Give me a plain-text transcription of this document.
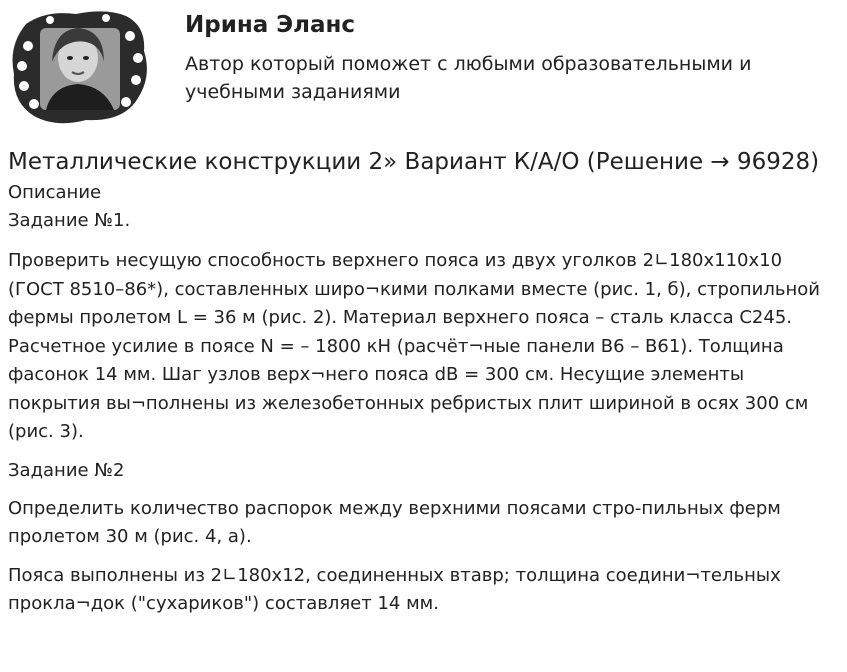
Ирина Эланс
Автор который поможет с любыми образовательными и учебными заданиями
Металлические конструкции 2» Вариант К/А/О (Решение → 96928)

Описание

Задание №1.

Проверить несущую способность верхнего пояса из двух уголков 2∟180х110х10 (ГОСТ 8510–86*), составленных широ¬кими полками вместе (рис. 1, б), стропильной фермы пролетом L = 36 м (рис. 2). Материал верхнего пояса – сталь класса С245. Расчетное усилие в поясе N = – 1800 кН (расчёт¬ные панели В6 – В61). Толщина фасонок 14 мм. Шаг узлов верх¬него пояса dВ = 300 см. Несущие элементы покрытия вы¬полнены из железобетонных ребристых плит шириной в осях 300 см (рис. 3).

Задание №2

Определить количество распорок между верхними поясами стро-пильных ферм пролетом 30 м (рис. 4, а).

Пояса выполнены из 2∟180х12, соединенных втавр; толщина соедини¬тельных прокла¬док ("сухариков") составляет 14 мм.
